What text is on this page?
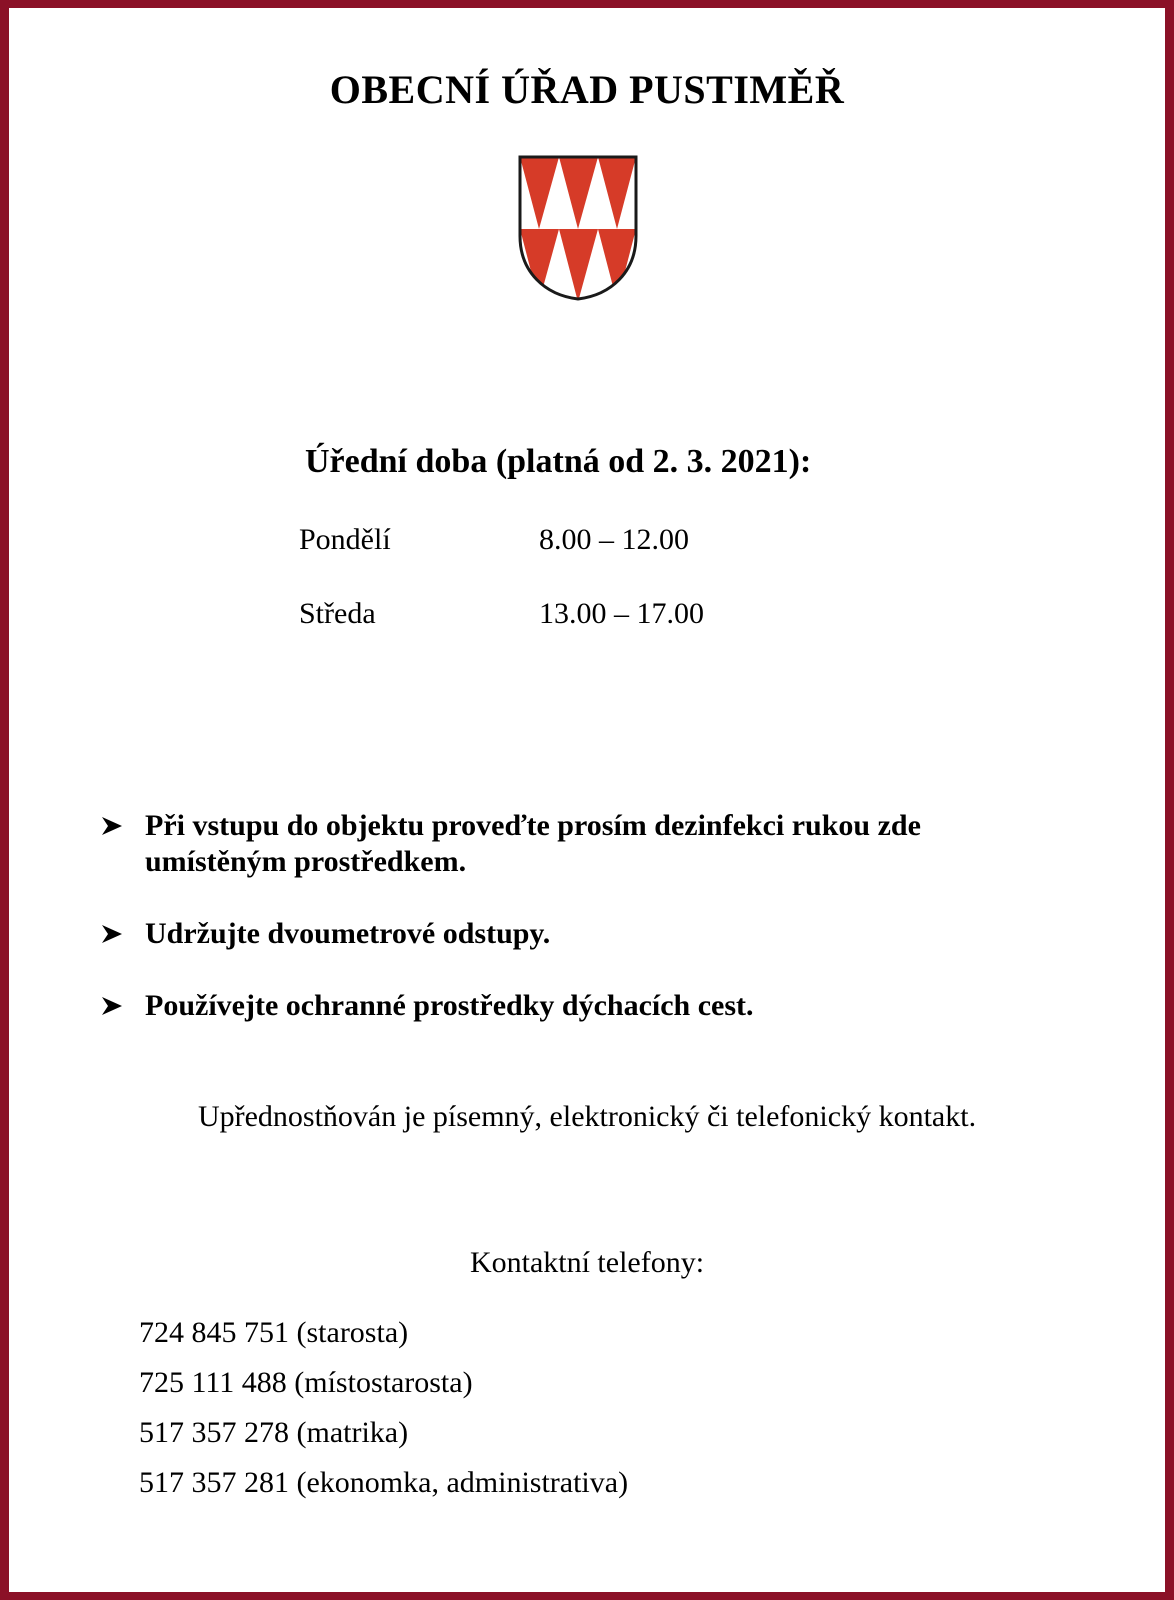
OBECNÍ ÚŘAD PUSTIMĚŘ
Úřední doba (platná od 2. 3. 2021):
Pondělí	8.00 – 12.00
Středa	13.00 – 17.00
Při vstupu do objektu proveďte prosím dezinfekci rukou zde umístěným prostředkem.
Udržujte dvoumetrové odstupy.
Používejte ochranné prostředky dýchacích cest.
Upřednostňován je písemný, elektronický či telefonický kontakt.
Kontaktní telefony:
724 845 751 (starosta)
725 111 488 (místostarosta)
517 357 278 (matrika)
517 357 281 (ekonomka, administrativa)
